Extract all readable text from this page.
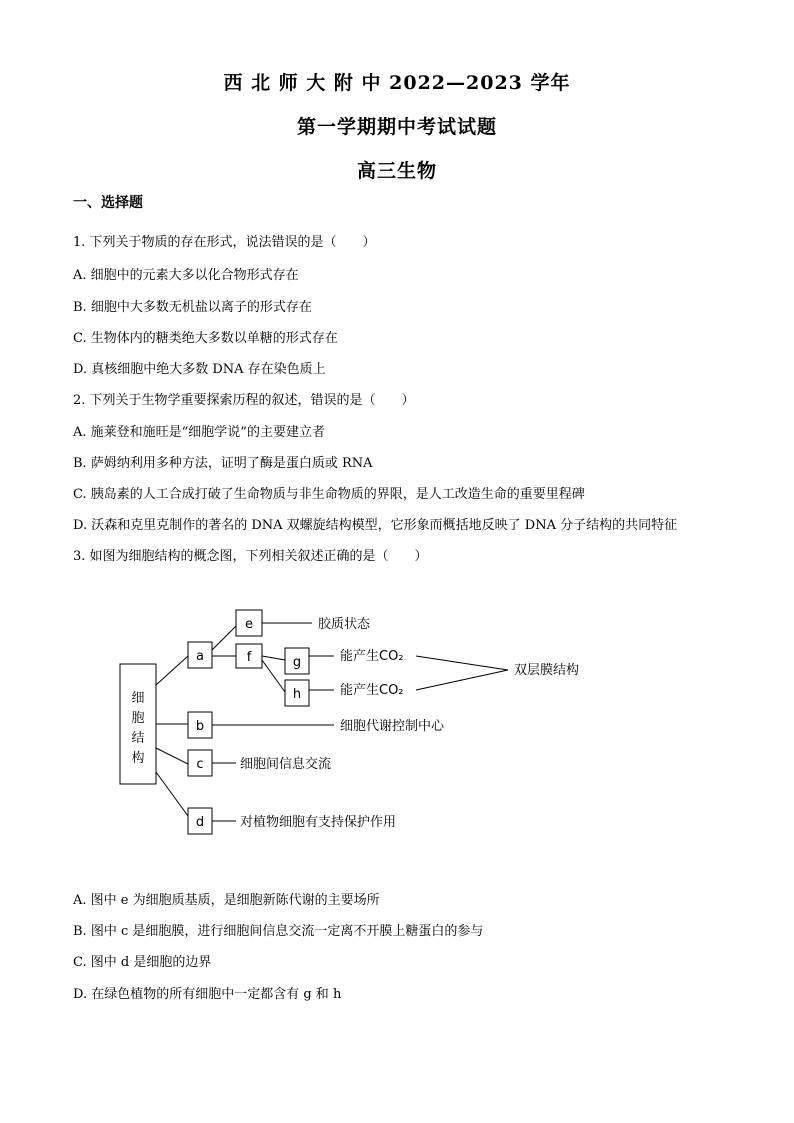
西 北 师 大 附 中 2022—2023 学年
第一学期期中考试试题
高三生物
一、选择题
1. 下列关于物质的存在形式，说法错误的是（　　）
A. 细胞中的元素大多以化合物形式存在
B. 细胞中大多数无机盐以离子的形式存在
C. 生物体内的糖类绝大多数以单糖的形式存在
D. 真核细胞中绝大多数 DNA 存在染色质上
2. 下列关于生物学重要探索历程的叙述，错误的是（　　）
A. 施莱登和施旺是“细胞学说”的主要建立者
B. 萨姆纳利用多种方法，证明了酶是蛋白质或 RNA
C. 胰岛素的人工合成打破了生命物质与非生命物质的界限，是人工改造生命的重要里程碑
D. 沃森和克里克制作的著名的 DNA 双螺旋结构模型，它形象而概括地反映了 DNA 分子结构的共同特征
3. 如图为细胞结构的概念图，下列相关叙述正确的是（　　）
细
胞
结
构
a
e	胶质状态
f	g	能产生CO₂
h	能产生CO₂
双层膜结构
b	细胞代谢控制中心
c	细胞间信息交流
d	对植物细胞有支持保护作用
A. 图中 e 为细胞质基质，是细胞新陈代谢的主要场所
B. 图中 c 是细胞膜，进行细胞间信息交流一定离不开膜上糖蛋白的参与
C. 图中 d 是细胞的边界
D. 在绿色植物的所有细胞中一定都含有 g 和 h
